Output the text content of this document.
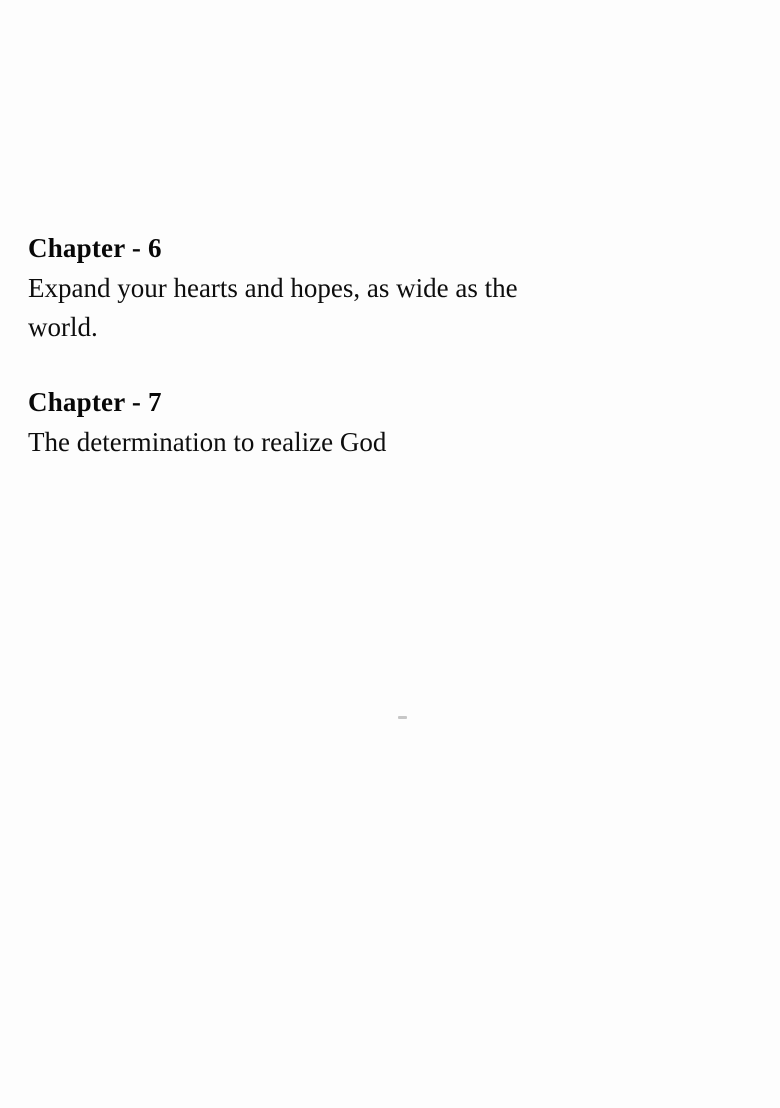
Chapter - 6

Expand your hearts and hopes, as wide as the world.

Chapter - 7

The determination to realize God
